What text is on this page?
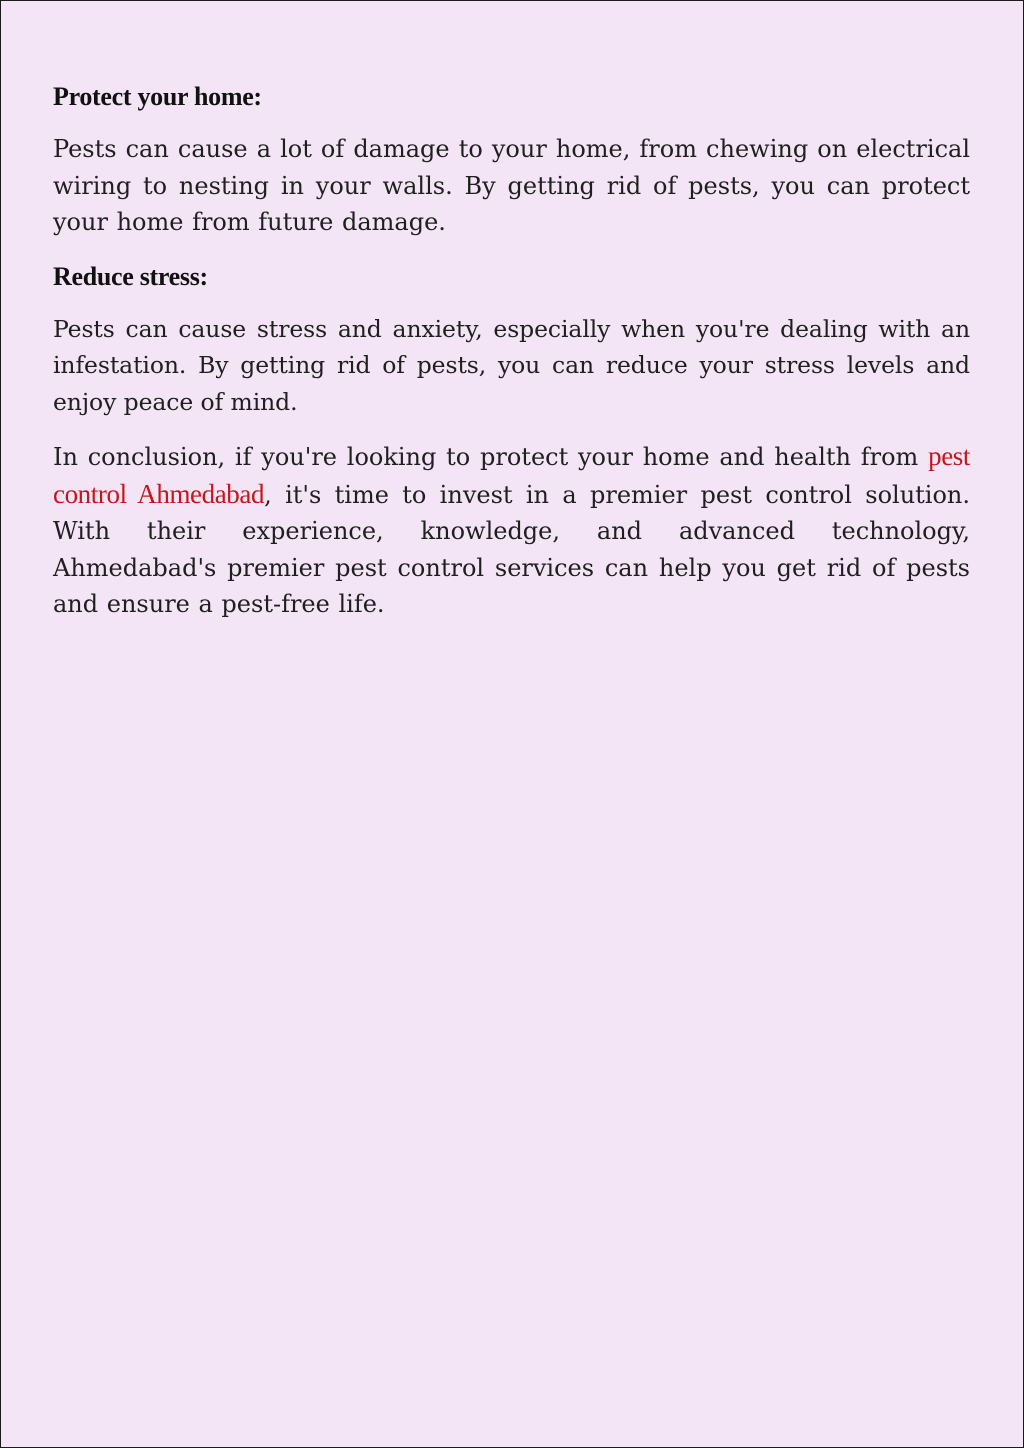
Protect your home:

Pests can cause a lot of damage to your home, from chewing on electrical wiring to nesting in your walls. By getting rid of pests, you can protect your home from future damage.

Reduce stress:

Pests can cause stress and anxiety, especially when you're dealing with an infestation. By getting rid of pests, you can reduce your stress levels and enjoy peace of mind.

In conclusion, if you're looking to protect your home and health from pest control Ahmedabad, it's time to invest in a premier pest control solution. With their experience, knowledge, and advanced technology, Ahmedabad's premier pest control services can help you get rid of pests and ensure a pest-free life.
